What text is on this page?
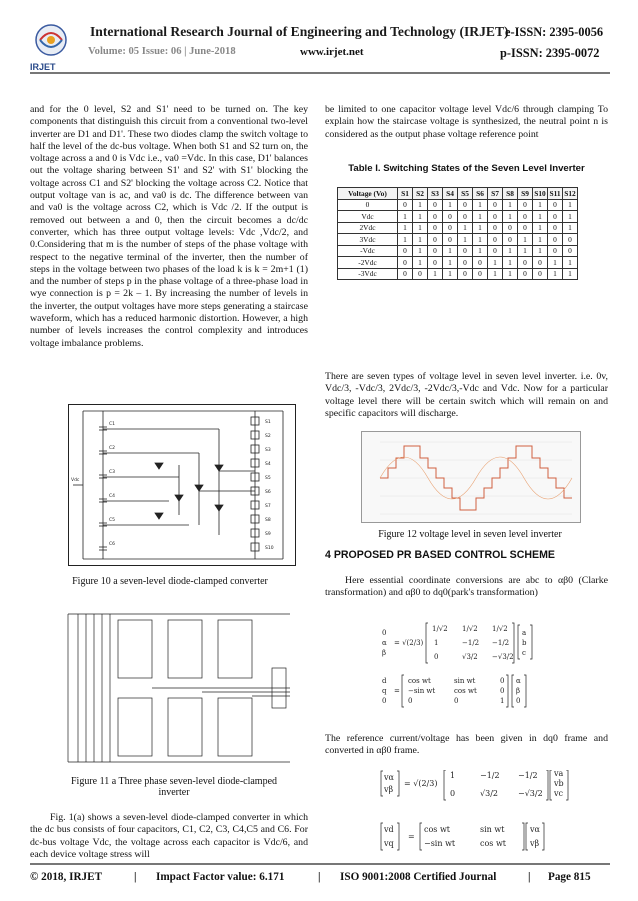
IRJET
International Research Journal of Engineering and Technology (IRJET)
e-ISSN: 2395-0056
Volume: 05 Issue: 06 | June-2018	www.irjet.net	p-ISSN: 2395-0072

and for the 0 level, S2 and S1' need to be turned on. The key components that distinguish this circuit from a conventional two-level inverter are D1 and D1'. These two diodes clamp the switch voltage to half the level of the dc-bus voltage. When both S1 and S2 turn on, the voltage across a and 0 is Vdc i.e., va0 =Vdc. In this case, D1' balances out the voltage sharing between S1' and S2' with S1' blocking the voltage across C1 and S2' blocking the voltage across C2. Notice that output voltage van is ac, and va0 is dc. The difference between van and va0 is the voltage across C2, which is Vdc /2. If the output is removed out between a and 0, then the circuit becomes a dc/dc converter, which has three output voltage levels: Vdc ,Vdc/2, and 0.Considering that m is the number of steps of the phase voltage with respect to the negative terminal of the inverter, then the number of steps in the voltage between two phases of the load k is k = 2m+1 (1) and the number of steps p in the phase voltage of a three-phase load in wye connection is p = 2k – 1. By increasing the number of levels in the inverter, the output voltages have more steps generating a staircase waveform, which has a reduced harmonic distortion. However, a high number of levels increases the control complexity and introduces voltage imbalance problems.

C1
C2
C3
C4
C5
C6
S1
S2
S3
S4
S5
S6
S7
S8
S9
S10
Vdc
Figure 10 a seven-level diode-clamped converter
Figure 11 a Three phase seven-level diode-clamped inverter

Fig. 1(a) shows a seven-level diode-clamped converter in which the dc bus consists of four capacitors, C1, C2, C3, C4,C5 and C6. For dc-bus voltage Vdc, the voltage across each capacitor is Vdc/6, and each device voltage stress will

be limited to one capacitor voltage level Vdc/6 through clamping To explain how the staircase voltage is synthesized, the neutral point n is considered as the output phase voltage reference point

Table I. Switching States of the Seven Level Inverter
Voltage (Vo)	S1	S2	S3	S4	S5	S6	S7	S8	S9	S10	S11	S12
0	0	1	0	1	0	1	0	1	0	1	0	1
Vdc	1	1	0	0	0	1	0	1	0	1	0	1
2Vdc	1	1	0	0	1	1	0	0	0	1	0	1
3Vdc	1	1	0	0	1	1	0	0	1	1	0	0
-Vdc	0	1	0	1	0	1	0	1	1	1	0	0
-2Vdc	0	1	0	1	0	0	1	1	0	0	1	1
-3Vdc	0	0	1	1	0	0	1	1	0	0	1	1

There are seven types of voltage level in seven level inverter. i.e. 0v, Vdc/3, -Vdc/3, 2Vdc/3, -2Vdc/3,-Vdc and Vdc. Now for a particular voltage level there will be certain switch which will remain on and specific capacitors will discharge.

Figure 12 voltage level in seven level inverter
4 PROPOSED PR BASED CONTROL SCHEME

Here essential coordinate conversions are abc to αβ0 (Clarke transformation) and αβ0 to dq0(park's transformation)

0
α
β
= √(2/3)
1/√2 1/√2 1/√2
1	−1/2 −1/2
0	√3/2 −√3/2
a
b
c
d
q
0
=
cos wt	sin wt	0
−sin wt	cos wt	0
0	0	1
α
β
0

The reference current/voltage has been given in dq0 frame and converted in αβ0 frame.

vα
vβ
= √(2/3)
1	−1/2 −1/2
0	√3/2	−√3/2
va
vb
vc
vd
vq
=
cos wt	sin wt
−sin wt	cos wt
vα
vβ
© 2018, IRJET	| Impact Factor value: 6.171	| ISO 9001:2008 Certified Journal	| Page 815
